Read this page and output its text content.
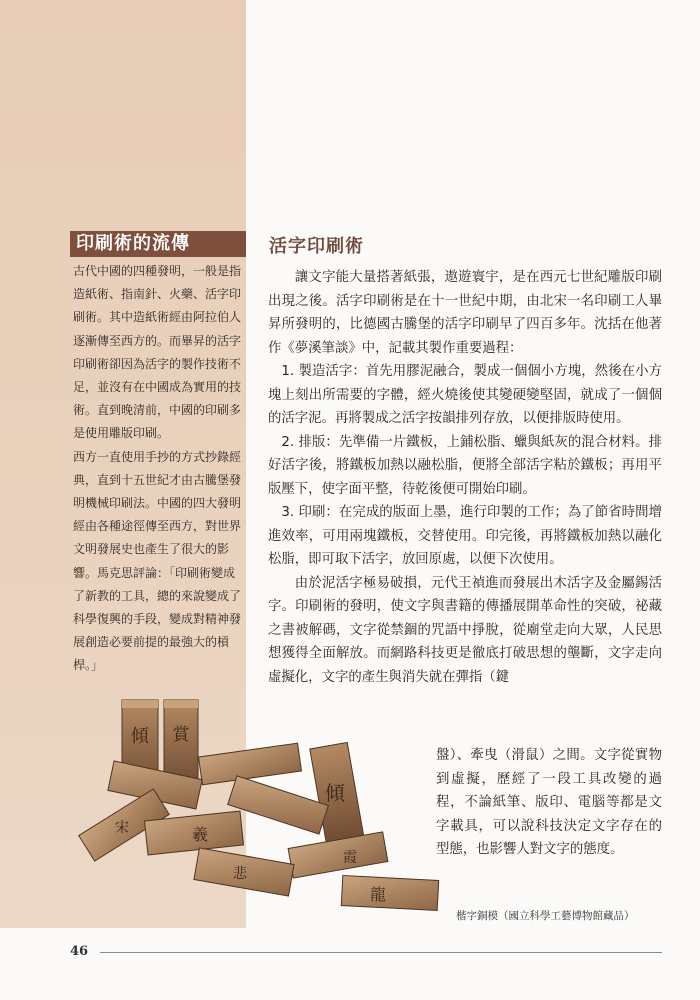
印刷術的流傳

古代中國的四種發明，一般是指造紙術、指南針、火藥、活字印刷術。其中造紙術經由阿拉伯人逐漸傳至西方的。而畢昇的活字印刷術卻因為活字的製作技術不足，並沒有在中國成為實用的技術。直到晚清前，中國的印刷多是使用雕版印刷。

西方一直使用手抄的方式抄錄經典，直到十五世紀才由古騰堡發明機械印刷法。中國的四大發明經由各種途徑傳至西方，對世界文明發展史也產生了很大的影響。馬克思評論：「印刷術變成了新教的工具，總的來說變成了科學復興的手段，變成對精神發展創造必要前提的最強大的槓桿。」

活字印刷術

讓文字能大量搭著紙張，遨遊寰宇，是在西元七世紀雕版印刷出現之後。活字印刷術是在十一世紀中期，由北宋一名印刷工人畢昇所發明的，比德國古騰堡的活字印刷早了四百多年。沈括在他著作《夢溪筆談》中，記載其製作重要過程：

1. 製造活字：首先用膠泥融合，製成一個個小方塊，然後在小方塊上刻出所需要的字體，經火燒後使其變硬變堅固，就成了一個個的活字泥。再將製成之活字按韻排列存放，以便排版時使用。

2. 排版：先準備一片鐵板，上鋪松脂、蠟與紙灰的混合材料。排好活字後，將鐵板加熱以融松脂，便將全部活字粘於鐵板；再用平版壓下，使字面平整，待乾後便可開始印刷。

3. 印刷：在完成的版面上墨，進行印製的工作；為了節省時間增進效率，可用兩塊鐵板，交替使用。印完後，再將鐵板加熱以融化松脂，即可取下活字，放回原處，以便下次使用。

由於泥活字極易破損，元代王禎進而發展出木活字及金屬錫活字。印刷術的發明，使文字與書籍的傳播展開革命性的突破，祕藏之書被解碼，文字從禁錮的咒語中掙脫，從廟堂走向大眾，人民思想獲得全面解放。而網路科技更是徹底打破思想的壟斷，文字走向虛擬化，文字的產生與消失就在彈指（鍵

盤）、牽曳（滑鼠）之間。文字從實物到虛擬，歷經了一段工具改變的過程，不論紙筆、版印、電腦等都是文字載具，可以說科技決定文字存在的型態，也影響人對文字的態度。

傾 賞
傾
宋	羲
霞
悲
龍
楷字銅模（國立科學工藝博物館藏品）
46
